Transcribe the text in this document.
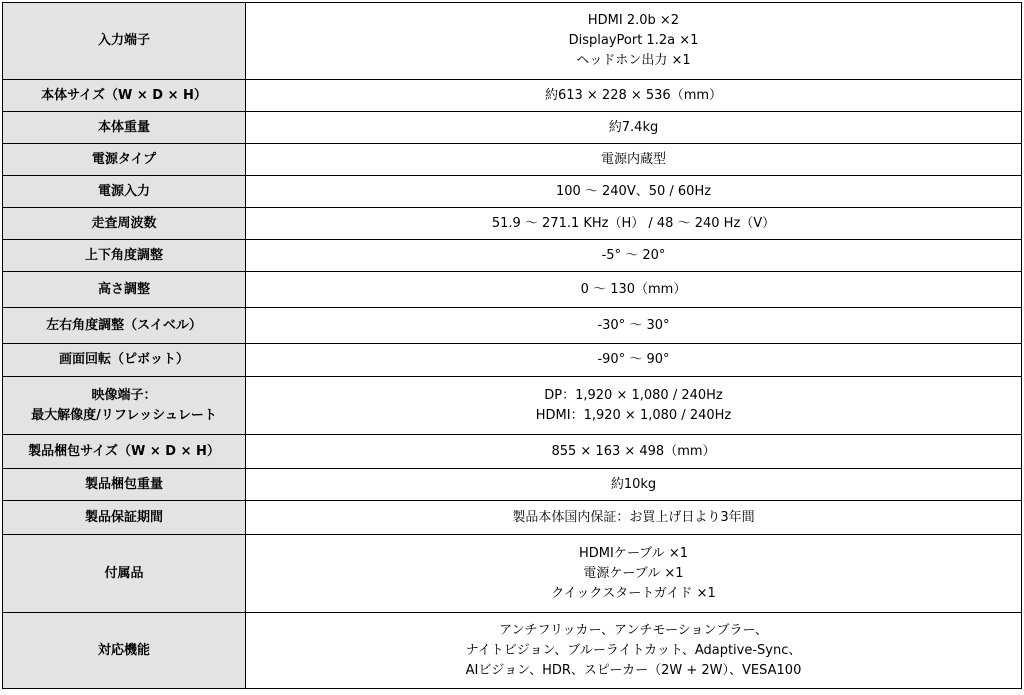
入力端子	HDMI 2.0b ×2
DisplayPort 1.2a ×1
ヘッドホン出力 ×1

本体サイズ（W × D × H）	約613 × 228 × 536（mm）

本体重量	約7.4kg

電源タイプ	電源内蔵型

電源入力	100 ～ 240V、50 / 60Hz

走査周波数	51.9 ～ 271.1 KHz（H） / 48 ～ 240 Hz（V）

上下角度調整	-5° ～ 20°

高さ調整	0 ～ 130（mm）

左右角度調整（スイベル）	-30° ～ 30°

画面回転（ピボット）	-90° ～ 90°

映像端子：
最大解像度/リフレッシュレート	DP：1,920 × 1,080 / 240Hz
HDMI：1,920 × 1,080 / 240Hz

製品梱包サイズ（W × D × H）	855 × 163 × 498（mm）

製品梱包重量	約10kg

製品保証期間	製品本体国内保証：お買上げ日より3年間

付属品	HDMIケーブル ×1
電源ケーブル ×1
クイックスタートガイド ×1

対応機能	アンチフリッカー、アンチモーションブラー、
ナイトビジョン、ブルーライトカット、Adaptive-Sync、
AIビジョン、HDR、スピーカー（2W + 2W）、VESA100
